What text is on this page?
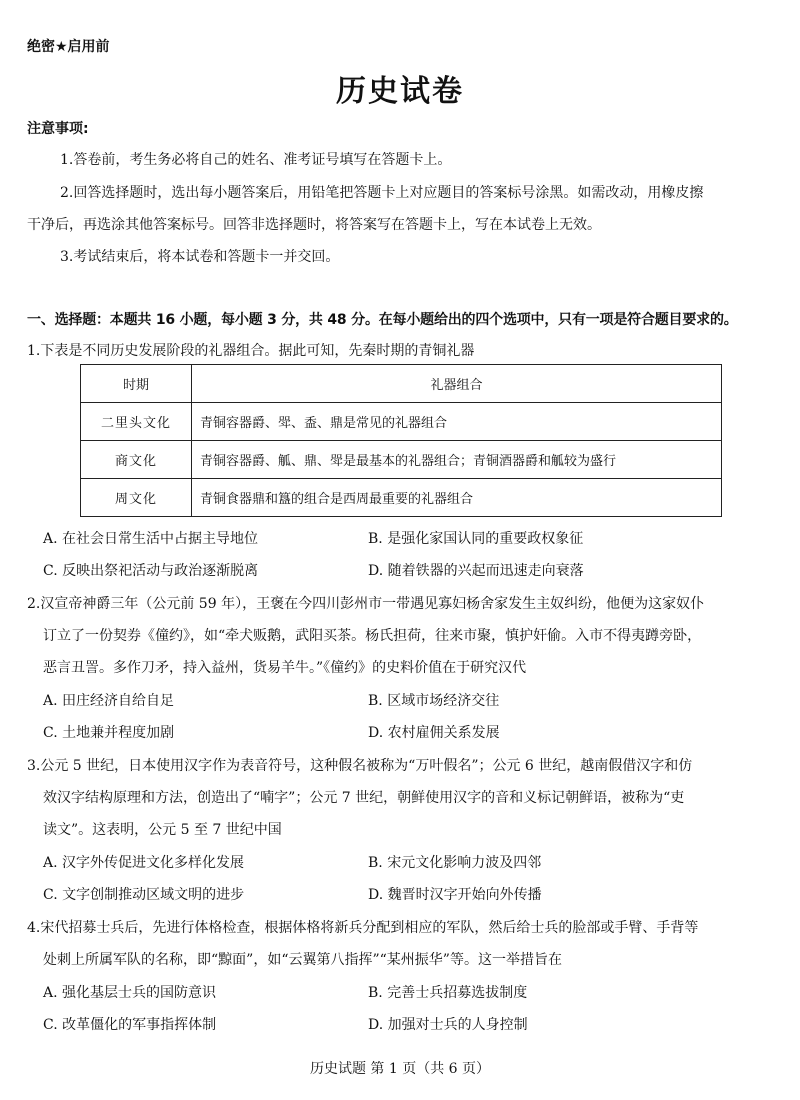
绝密★启用前
历史试卷
注意事项:
1.答卷前，考生务必将自己的姓名、准考证号填写在答题卡上。
2.回答选择题时，选出每小题答案后，用铅笔把答题卡上对应题目的答案标号涂黑。如需改动，用橡皮擦
干净后，再选涂其他答案标号。回答非选择题时，将答案写在答题卡上，写在本试卷上无效。
3.考试结束后，将本试卷和答题卡一并交回。
一、选择题：本题共 16 小题，每小题 3 分，共 48 分。在每小题给出的四个选项中，只有一项是符合题目要求的。
1.下表是不同历史发展阶段的礼器组合。据此可知，先秦时期的青铜礼器
时期	礼器组合
二里头文化	青铜容器爵、斝、盉、鼎是常见的礼器组合
商文化	青铜容器爵、觚、鼎、斝是最基本的礼器组合；青铜酒器爵和觚较为盛行
周文化	青铜食器鼎和簋的组合是西周最重要的礼器组合
A. 在社会日常生活中占据主导地位	B. 是强化家国认同的重要政权象征
C. 反映出祭祀活动与政治逐渐脱离	D. 随着铁器的兴起而迅速走向衰落
2.汉宣帝神爵三年（公元前 59 年），王褒在今四川彭州市一带遇见寡妇杨舍家发生主奴纠纷，他便为这家奴仆
订立了一份契券《僮约》，如“牵犬贩鹅，武阳买茶。杨氏担荷，往来市聚，慎护奸偷。入市不得夷蹲旁卧，
恶言丑詈。多作刀矛，持入益州，货易羊牛。”《僮约》的史料价值在于研究汉代
A. 田庄经济自给自足	B. 区域市场经济交往
C. 土地兼并程度加剧	D. 农村雇佣关系发展
3.公元 5 世纪，日本使用汉字作为表音符号，这种假名被称为“万叶假名”；公元 6 世纪，越南假借汉字和仿
效汉字结构原理和方法，创造出了“喃字”；公元 7 世纪，朝鲜使用汉字的音和义标记朝鲜语，被称为“吏
读文”。这表明，公元 5 至 7 世纪中国
A. 汉字外传促进文化多样化发展	B. 宋元文化影响力波及四邻
C. 文字创制推动区域文明的进步	D. 魏晋时汉字开始向外传播
4.宋代招募士兵后，先进行体格检查，根据体格将新兵分配到相应的军队，然后给士兵的脸部或手臂、手背等
处刺上所属军队的名称，即“黥面”，如“云翼第八指挥”“某州振华”等。这一举措旨在
A. 强化基层士兵的国防意识	B. 完善士兵招募选拔制度
C. 改革僵化的军事指挥体制	D. 加强对士兵的人身控制
历史试题 第 1 页（共 6 页）
